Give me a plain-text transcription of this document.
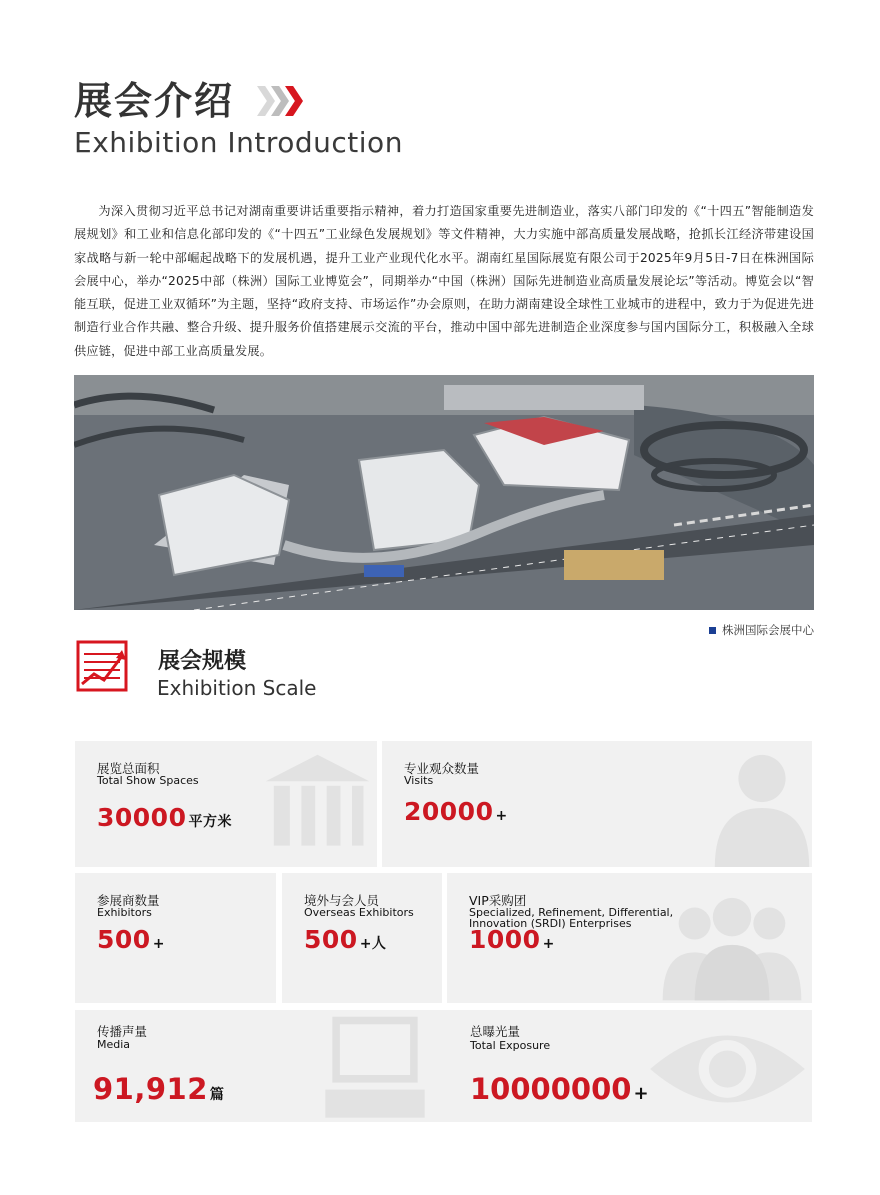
展会介绍
Exhibition Introduction

为深入贯彻习近平总书记对湖南重要讲话重要指示精神，着力打造国家重要先进制造业，落实八部门印发的《“十四五”智能制造发展规划》和工业和信息化部印发的《“十四五”工业绿色发展规划》等文件精神，大力实施中部高质量发展战略，抢抓长江经济带建设国家战略与新一轮中部崛起战略下的发展机遇，提升工业产业现代化水平。湖南红星国际展览有限公司于2025年9月5日-7日在株洲国际会展中心，举办“2025中部（株洲）国际工业博览会”，同期举办“中国（株洲）国际先进制造业高质量发展论坛”等活动。博览会以“智能互联，促进工业双循环”为主题，坚持“政府支持、市场运作”办会原则，在助力湖南建设全球性工业城市的进程中，致力于为促进先进制造行业合作共融、整合升级、提升服务价值搭建展示交流的平台，推动中国中部先进制造企业深度参与国内国际分工，积极融入全球供应链，促进中部工业高质量发展。

株洲国际会展中心
展会规模
Exhibition Scale
展览总面积
Total Show Spaces
30000 平方米
专业观众数量
Visits
20000 +
参展商数量
Exhibitors
500 +
境外与会人员
Overseas Exhibitors
500 +人
VIP采购团
Specialized, Refinement, Differential, Innovation (SRDI) Enterprises
1000 +
传播声量
Media
91,912 篇
总曝光量
Total Exposure
10000000 +
